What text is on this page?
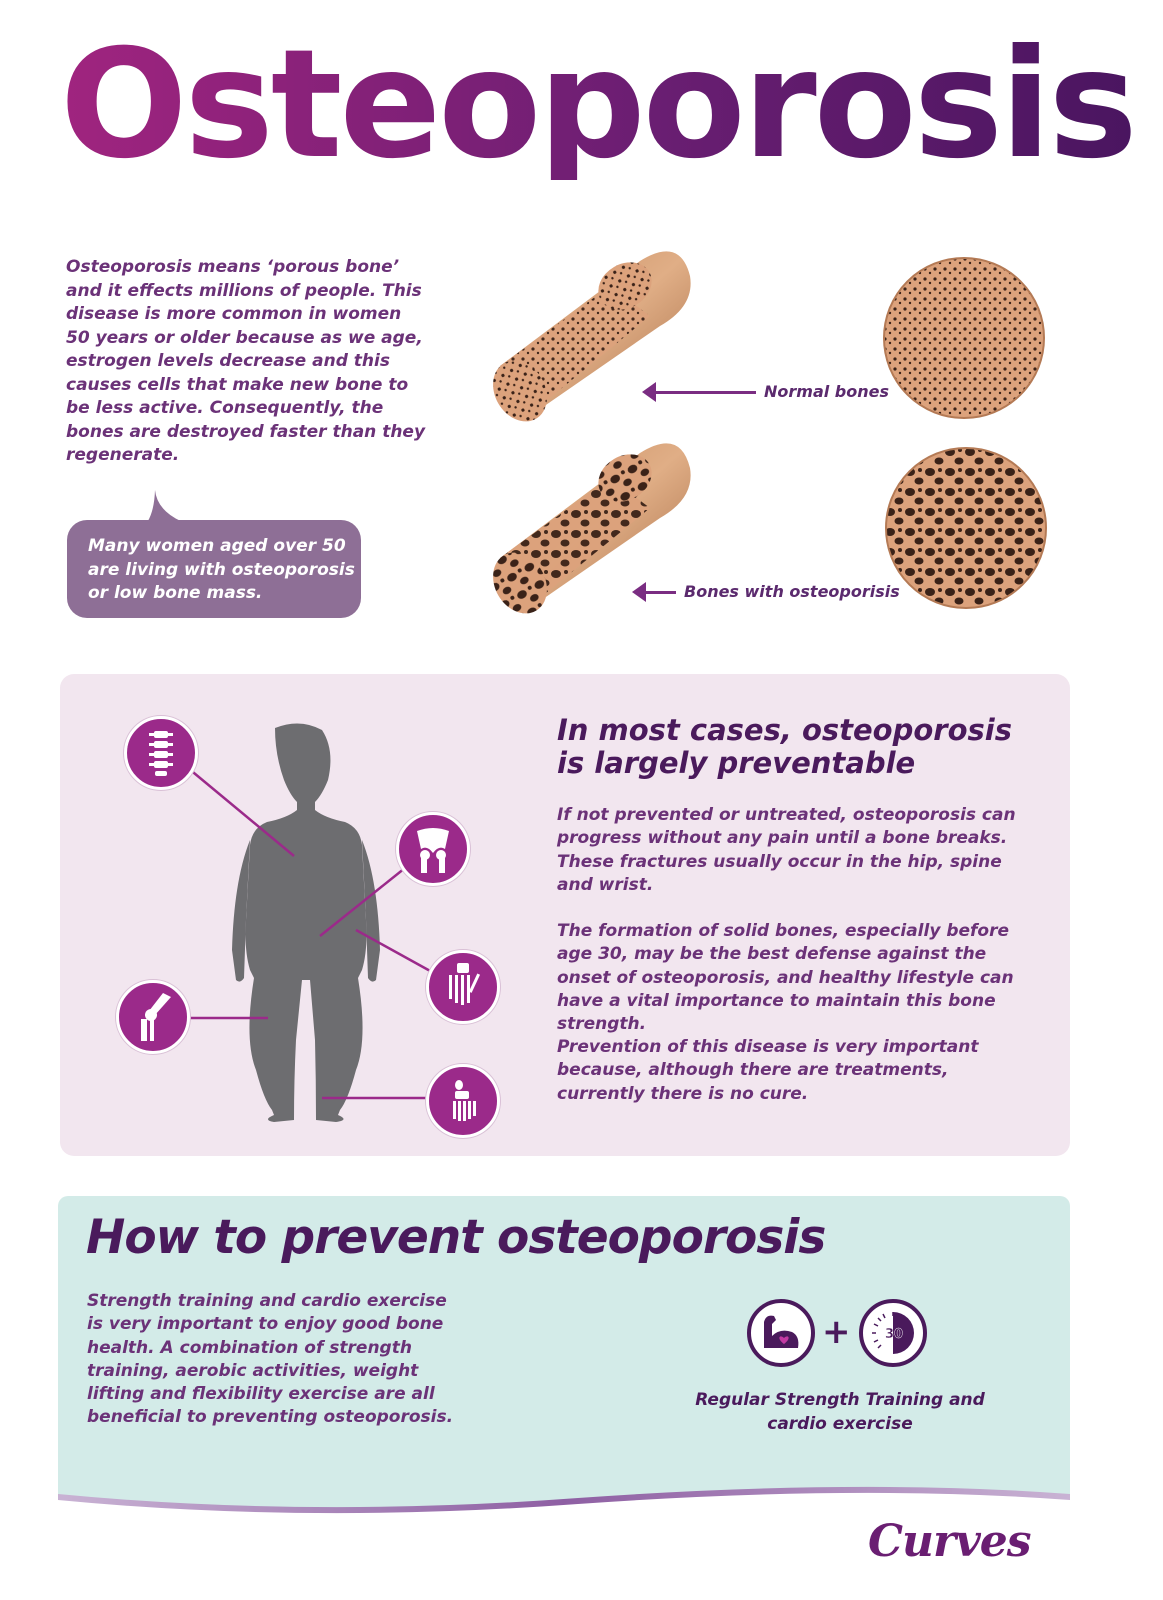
Osteoporosis

Osteoporosis means ‘porous bone’ and it effects millions of people. This disease is more common in women 50 years or older because as we age, estrogen levels decrease and this causes cells that make new bone to be less active. Consequently, the bones are destroyed faster than they regenerate.

Many women aged over 50 are living with osteoporosis or low bone mass.

Normal bones
Bones with osteoporisis
In most cases, osteoporosis
is largely preventable

If not prevented or untreated, osteoporosis can progress without any pain until a bone breaks. These fractures usually occur in the hip, spine and wrist.

The formation of solid bones, especially before age 30, may be the best defense against the onset of osteoporosis, and healthy lifestyle can have a vital importance to maintain this bone strength.

Prevention of this disease is very important because, although there are treatments, currently there is no cure.

How to prevent osteoporosis

Strength training and cardio exercise is very important to enjoy good bone health. A combination of strength training, aerobic activities, weight lifting and flexibility exercise are all beneficial to preventing osteoporosis.

+	30

Regular Strength Training and
cardio exercise

Curves
